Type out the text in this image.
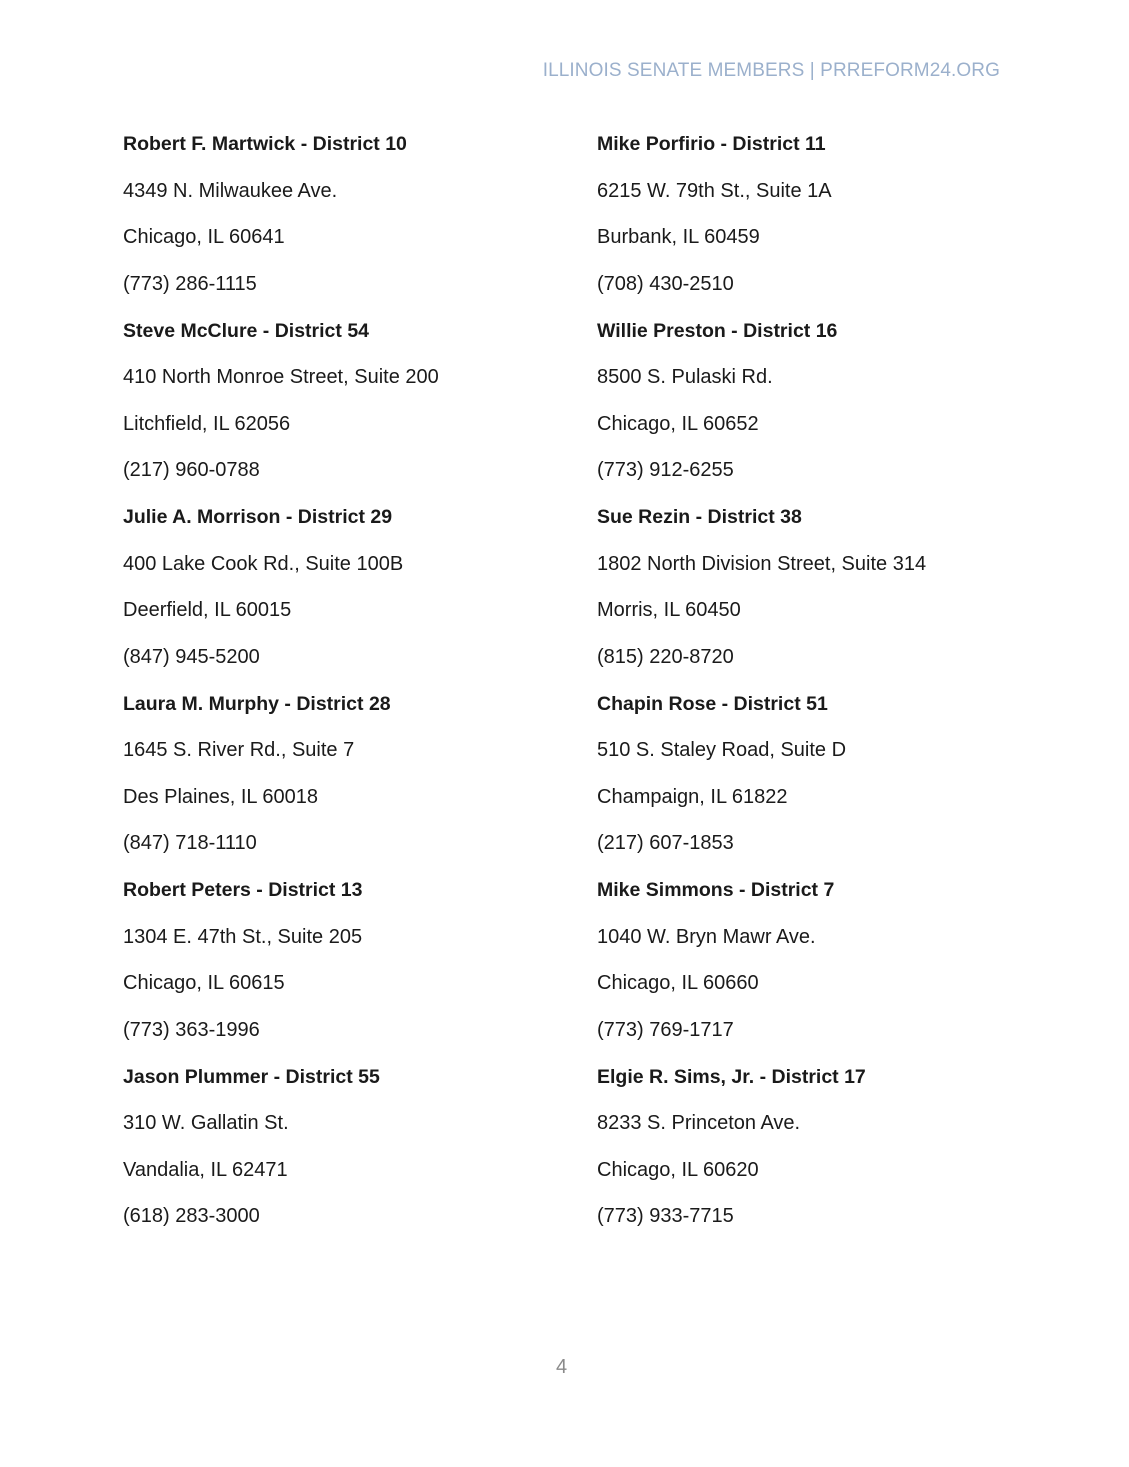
ILLINOIS SENATE MEMBERS | PRREFORM24.ORG
Robert F. Martwick - District 10
4349 N. Milwaukee Ave.
Chicago, IL 60641
(773) 286-1115
Steve McClure - District 54
410 North Monroe Street, Suite 200
Litchfield, IL 62056
(217) 960-0788
Julie A. Morrison - District 29
400 Lake Cook Rd., Suite 100B
Deerfield, IL 60015
(847) 945-5200
Laura M. Murphy - District 28
1645 S. River Rd., Suite 7
Des Plaines, IL 60018
(847) 718-1110
Robert Peters - District 13
1304 E. 47th St., Suite 205
Chicago, IL 60615
(773) 363-1996
Jason Plummer - District 55
310 W. Gallatin St.
Vandalia, IL 62471
(618) 283-3000
Mike Porfirio - District 11
6215 W. 79th St., Suite 1A
Burbank, IL 60459
(708) 430-2510
Willie Preston - District 16
8500 S. Pulaski Rd.
Chicago, IL 60652
(773) 912-6255
Sue Rezin - District 38
1802 North Division Street, Suite 314
Morris, IL 60450
(815) 220-8720
Chapin Rose - District 51
510 S. Staley Road, Suite D
Champaign, IL 61822
(217) 607-1853
Mike Simmons - District 7
1040 W. Bryn Mawr Ave.
Chicago, IL 60660
(773) 769-1717
Elgie R. Sims, Jr. - District 17
8233 S. Princeton Ave.
Chicago, IL 60620
(773) 933-7715
4
